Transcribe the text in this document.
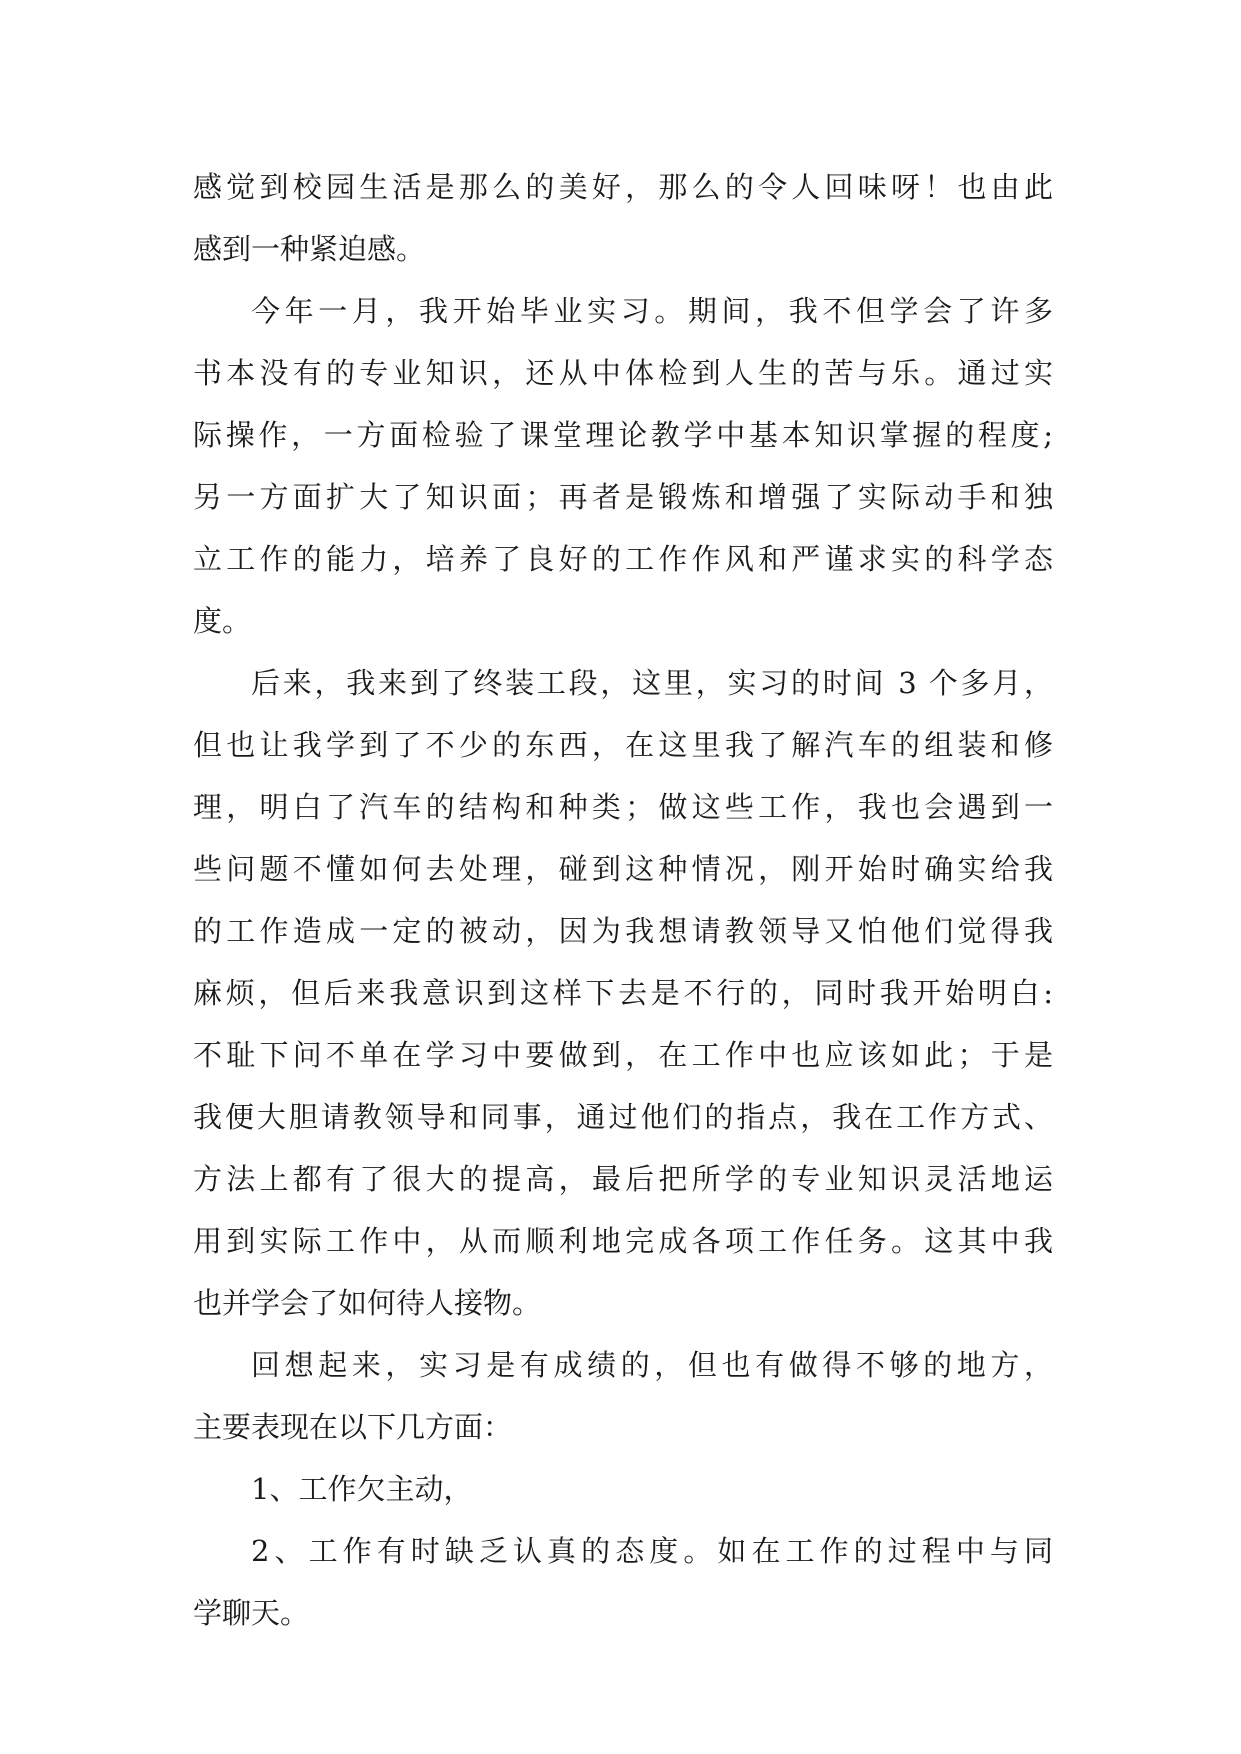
感觉到校园生活是那么的美好，那么的令人回味呀！也由此
感到一种紧迫感。
今年一月，我开始毕业实习。期间，我不但学会了许多
书本没有的专业知识，还从中体检到人生的苦与乐。通过实
际操作，一方面检验了课堂理论教学中基本知识掌握的程度;
另一方面扩大了知识面；再者是锻炼和增强了实际动手和独
立工作的能力，培养了良好的工作作风和严谨求实的科学态
度。
后来，我来到了终装工段，这里，实习的时间 3 个多月，
但也让我学到了不少的东西，在这里我了解汽车的组装和修
理，明白了汽车的结构和种类；做这些工作，我也会遇到一
些问题不懂如何去处理，碰到这种情况，刚开始时确实给我
的工作造成一定的被动，因为我想请教领导又怕他们觉得我
麻烦，但后来我意识到这样下去是不行的，同时我开始明白:
不耻下问不单在学习中要做到，在工作中也应该如此；于是
我便大胆请教领导和同事，通过他们的指点，我在工作方式、
方法上都有了很大的提高，最后把所学的专业知识灵活地运
用到实际工作中，从而顺利地完成各项工作任务。这其中我
也并学会了如何待人接物。
回想起来，实习是有成绩的，但也有做得不够的地方，
主要表现在以下几方面：
1、工作欠主动，
2、工作有时缺乏认真的态度。如在工作的过程中与同
学聊天。
